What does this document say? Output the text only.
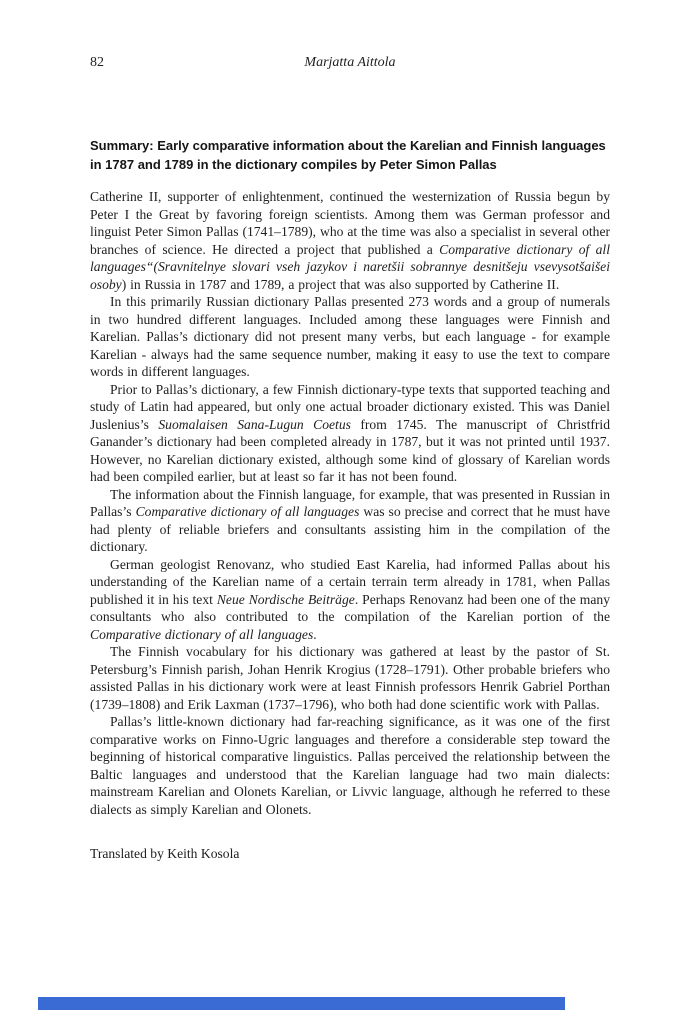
82	Marjatta Aittola
Summary: Early comparative information about the Karelian and Finnish languages in 1787 and 1789 in the dictionary compiles by Peter Simon Pallas

Catherine II, supporter of enlightenment, continued the westernization of Russia begun by Peter I the Great by favoring foreign scientists. Among them was German professor and linguist Peter Simon Pallas (1741–1789), who at the time was also a specialist in several other branches of science. He directed a project that published a Comparative dictionary of all languages“(Sravnitelnye slovari vseh jazykov i naretšii sobrannye desnitšeju vsevysotšaišei osoby) in Russia in 1787 and 1789, a project that was also supported by Catherine II.

In this primarily Russian dictionary Pallas presented 273 words and a group of numerals in two hundred different languages. Included among these languages were Finnish and Karelian. Pallas’s dictionary did not present many verbs, but each language - for example Karelian - always had the same sequence number, making it easy to use the text to compare words in different languages.

Prior to Pallas’s dictionary, a few Finnish dictionary-type texts that supported teaching and study of Latin had appeared, but only one actual broader dictionary existed. This was Daniel Juslenius’s Suomalaisen Sana-Lugun Coetus from 1745. The manuscript of Christfrid Ganander’s dictionary had been completed already in 1787, but it was not printed until 1937. However, no Karelian dictionary existed, although some kind of glossary of Karelian words had been compiled earlier, but at least so far it has not been found.

The information about the Finnish language, for example, that was presented in Russian in Pallas’s Comparative dictionary of all languages was so precise and correct that he must have had plenty of reliable briefers and consultants assisting him in the compilation of the dictionary.

German geologist Renovanz, who studied East Karelia, had informed Pallas about his understanding of the Karelian name of a certain terrain term already in 1781, when Pallas published it in his text Neue Nordische Beiträge. Perhaps Renovanz had been one of the many consultants who also contributed to the compilation of the Karelian portion of the Comparative dictionary of all languages.

The Finnish vocabulary for his dictionary was gathered at least by the pastor of St. Petersburg’s Finnish parish, Johan Henrik Krogius (1728–1791). Other probable briefers who assisted Pallas in his dictionary work were at least Finnish professors Henrik Gabriel Porthan (1739–1808) and Erik Laxman (1737–1796), who both had done scientific work with Pallas.

Pallas’s little-known dictionary had far-reaching significance, as it was one of the first comparative works on Finno-Ugric languages and therefore a considerable step toward the beginning of historical comparative linguistics. Pallas perceived the relationship between the Baltic languages and understood that the Karelian language had two main dialects: mainstream Karelian and Olonets Karelian, or Livvic language, although he referred to these dialects as simply Karelian and Olonets.

Translated by Keith Kosola
